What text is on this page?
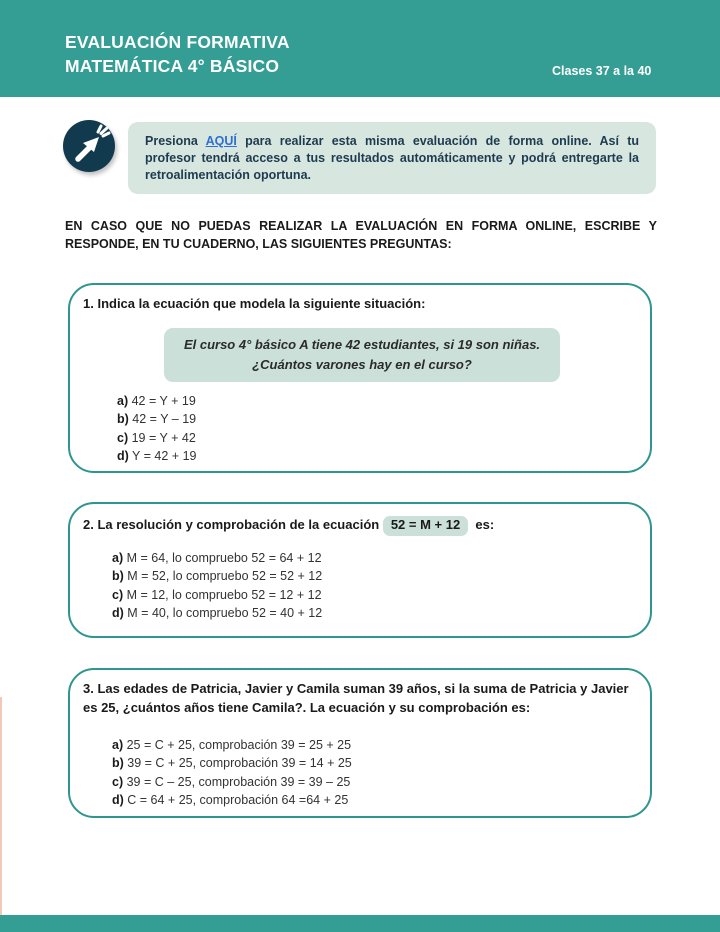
EVALUACIÓN FORMATIVA
MATEMÁTICA 4° BÁSICO	Clases 37 a la 40
Presiona AQUÍ para realizar esta misma evaluación de forma online. Así tu profesor tendrá acceso a tus resultados automáticamente y podrá entregarte la retroalimentación oportuna.
EN CASO QUE NO PUEDAS REALIZAR LA EVALUACIÓN EN FORMA ONLINE, ESCRIBE Y RESPONDE, EN TU CUADERNO, LAS SIGUIENTES PREGUNTAS:
1. Indica la ecuación que modela la siguiente situación:
El curso 4° básico A tiene 42 estudiantes, si 19 son niñas.
¿Cuántos varones hay en el curso?
a) 42 = Y + 19
b) 42 = Y – 19
c) 19 = Y + 42
d) Y = 42 + 19
2. La resolución y comprobación de la ecuación 52 = M + 12  es:
a) M = 64, lo compruebo 52 = 64 + 12
b) M = 52, lo compruebo 52 = 52 + 12
c) M = 12, lo compruebo 52 = 12 + 12
d) M = 40, lo compruebo 52 = 40 + 12
3. Las edades de Patricia, Javier y Camila suman 39 años, si la suma de Patricia y Javier es 25, ¿cuántos años tiene Camila?. La ecuación y su comprobación es:
a) 25 = C + 25, comprobación 39 = 25 + 25
b) 39 = C + 25, comprobación 39 = 14 + 25
c) 39 = C – 25, comprobación 39 = 39 – 25
d) C = 64 + 25, comprobación 64 =64 + 25
